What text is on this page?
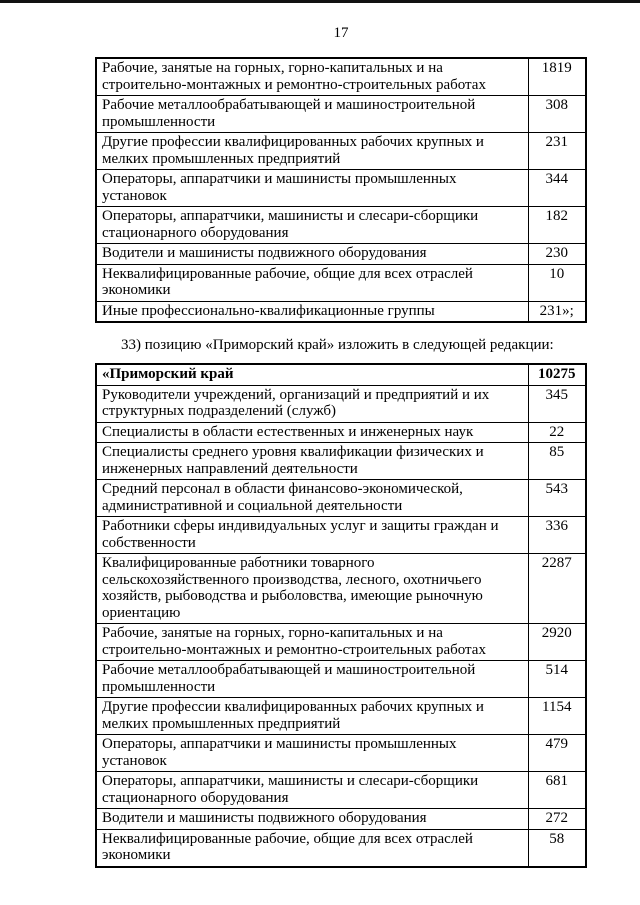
17
Рабочие, занятые на горных, горно-капитальных и на строительно-монтажных и ремонтно-строительных работах	1819
Рабочие металлообрабатывающей и машиностроительной промышленности	308
Другие профессии квалифицированных рабочих крупных и мелких промышленных предприятий	231
Операторы, аппаратчики и машинисты промышленных установок	344
Операторы, аппаратчики, машинисты и слесари-сборщики стационарного оборудования	182
Водители и машинисты подвижного оборудования	230
Неквалифицированные рабочие, общие для всех отраслей экономики	10
Иные профессионально-квалификационные группы	231»;

33) позицию «Приморский край» изложить в следующей редакции:

«Приморский край	10275
Руководители учреждений, организаций и предприятий и их структурных подразделений (служб)	345
Специалисты в области естественных и инженерных наук	22
Специалисты среднего уровня квалификации физических и инженерных направлений деятельности	85
Средний персонал в области финансово-экономической, административной и социальной деятельности	543
Работники сферы индивидуальных услуг и защиты граждан и собственности	336
Квалифицированные работники товарного сельскохозяйственного производства, лесного, охотничьего хозяйств, рыбоводства и рыболовства, имеющие рыночную ориентацию	2287
Рабочие, занятые на горных, горно-капитальных и на строительно-монтажных и ремонтно-строительных работах	2920
Рабочие металлообрабатывающей и машиностроительной промышленности	514
Другие профессии квалифицированных рабочих крупных и мелких промышленных предприятий	1154
Операторы, аппаратчики и машинисты промышленных установок	479
Операторы, аппаратчики, машинисты и слесари-сборщики стационарного оборудования	681
Водители и машинисты подвижного оборудования	272
Неквалифицированные рабочие, общие для всех отраслей экономики	58
